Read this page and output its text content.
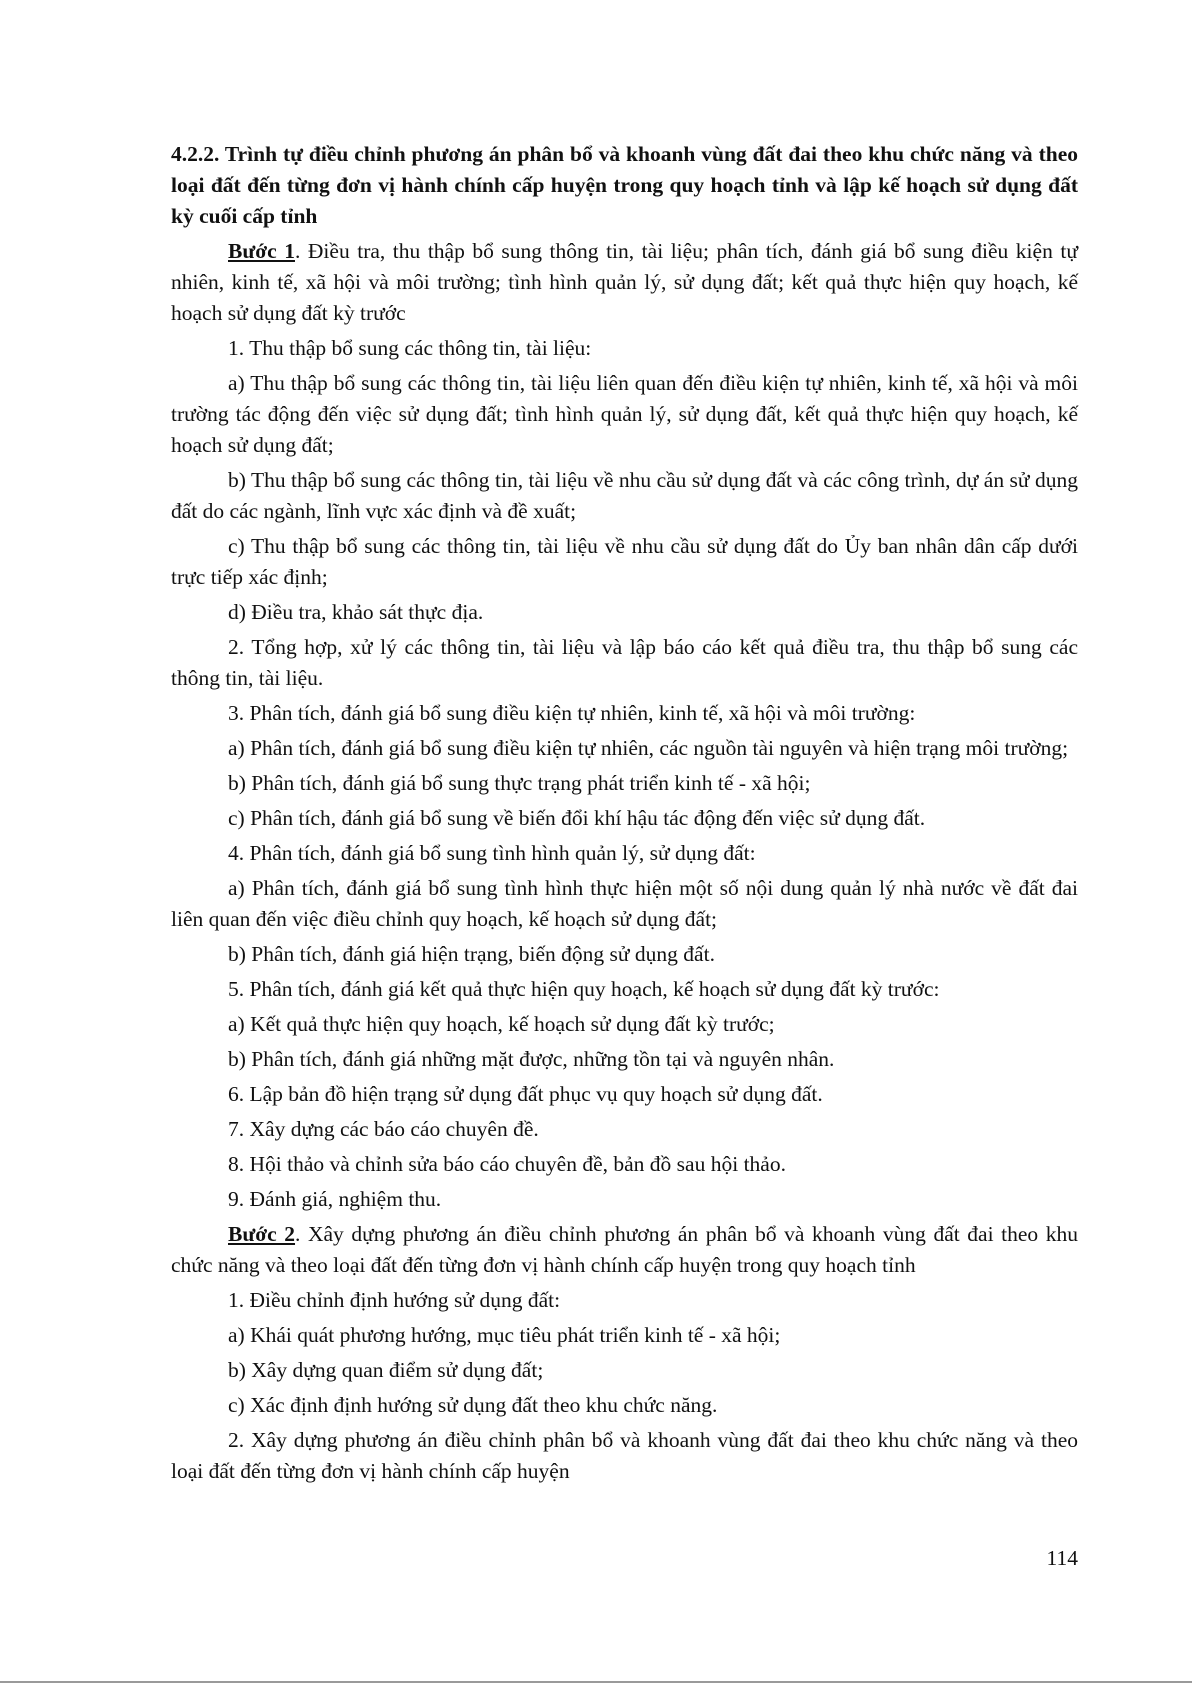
4.2.2. Trình tự điều chỉnh phương án phân bổ và khoanh vùng đất đai theo khu chức năng và theo loại đất đến từng đơn vị hành chính cấp huyện trong quy hoạch tỉnh và lập kế hoạch sử dụng đất kỳ cuối cấp tỉnh

Bước 1. Điều tra, thu thập bổ sung thông tin, tài liệu; phân tích, đánh giá bổ sung điều kiện tự nhiên, kinh tế, xã hội và môi trường; tình hình quản lý, sử dụng đất; kết quả thực hiện quy hoạch, kế hoạch sử dụng đất kỳ trước

1. Thu thập bổ sung các thông tin, tài liệu:

a) Thu thập bổ sung các thông tin, tài liệu liên quan đến điều kiện tự nhiên, kinh tế, xã hội và môi trường tác động đến việc sử dụng đất; tình hình quản lý, sử dụng đất, kết quả thực hiện quy hoạch, kế hoạch sử dụng đất;

b) Thu thập bổ sung các thông tin, tài liệu về nhu cầu sử dụng đất và các công trình, dự án sử dụng đất do các ngành, lĩnh vực xác định và đề xuất;

c) Thu thập bổ sung các thông tin, tài liệu về nhu cầu sử dụng đất do Ủy ban nhân dân cấp dưới trực tiếp xác định;

d) Điều tra, khảo sát thực địa.

2. Tổng hợp, xử lý các thông tin, tài liệu và lập báo cáo kết quả điều tra, thu thập bổ sung các thông tin, tài liệu.

3. Phân tích, đánh giá bổ sung điều kiện tự nhiên, kinh tế, xã hội và môi trường:

a) Phân tích, đánh giá bổ sung điều kiện tự nhiên, các nguồn tài nguyên và hiện trạng môi trường;

b) Phân tích, đánh giá bổ sung thực trạng phát triển kinh tế - xã hội;

c) Phân tích, đánh giá bổ sung về biến đổi khí hậu tác động đến việc sử dụng đất.

4. Phân tích, đánh giá bổ sung tình hình quản lý, sử dụng đất:

a) Phân tích, đánh giá bổ sung tình hình thực hiện một số nội dung quản lý nhà nước về đất đai liên quan đến việc điều chỉnh quy hoạch, kế hoạch sử dụng đất;

b) Phân tích, đánh giá hiện trạng, biến động sử dụng đất.

5. Phân tích, đánh giá kết quả thực hiện quy hoạch, kế hoạch sử dụng đất kỳ trước:

a) Kết quả thực hiện quy hoạch, kế hoạch sử dụng đất kỳ trước;

b) Phân tích, đánh giá những mặt được, những tồn tại và nguyên nhân.

6. Lập bản đồ hiện trạng sử dụng đất phục vụ quy hoạch sử dụng đất.

7. Xây dựng các báo cáo chuyên đề.

8. Hội thảo và chỉnh sửa báo cáo chuyên đề, bản đồ sau hội thảo.

9. Đánh giá, nghiệm thu.

Bước 2. Xây dựng phương án điều chỉnh phương án phân bổ và khoanh vùng đất đai theo khu chức năng và theo loại đất đến từng đơn vị hành chính cấp huyện trong quy hoạch tỉnh

1. Điều chỉnh định hướng sử dụng đất:

a) Khái quát phương hướng, mục tiêu phát triển kinh tế - xã hội;

b) Xây dựng quan điểm sử dụng đất;

c) Xác định định hướng sử dụng đất theo khu chức năng.

2. Xây dựng phương án điều chỉnh phân bổ và khoanh vùng đất đai theo khu chức năng và theo loại đất đến từng đơn vị hành chính cấp huyện

114
